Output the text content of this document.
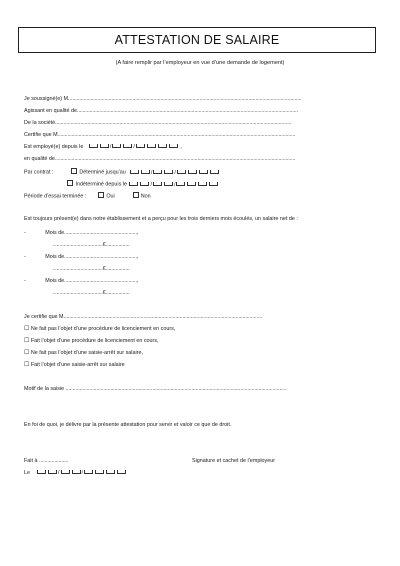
ATTESTATION DE SALAIRE
(A faire remplir par l’employeur en vue d’une demande de logement)
Je soussigné(e) M.......................................................................................................................................................................
Agissant en qualité de..............................................................................................................................................................
De la société.........................................................................................................................................................................
Certifie que M..........................................................................................................................................................................
Est employé(e) depuis le	/	/	,
en qualité de............................................................................................................................................................................
Par contrat :	Déterminé jusqu’au	/	/
Indéterminé depuis le	/	/
Période d’essai terminée :	Oui	Non
Est toujours présent(e) dans notre établissement et a perçu pour les trois derniers mois écoulés, un salaire net de :
-	Mois de....................................................,
....................................€.................
-	Mois de....................................................,
....................................€.................
-	Mois de....................................................,
....................................€.................
Je certifie que M..............................................................................................................................................
☐ Ne fait pas l’objet d’une procédure de licenciement en cours,
☐ Fait l’objet d’une procédure de licenciement en cours,
☐ Ne fait pas l’objet d’une saisie-arrêt sur salaire,
☐ Fait l’objet d’une saisie-arrêt sur salaire
Motif de la saisie ..............................................................................................................................................................
En foi de quoi, je délivre par la présente attestation pour servir et valoir ce que de droit.
Fait à .....................	Signature et cachet de l’employeur
Le	/	/
